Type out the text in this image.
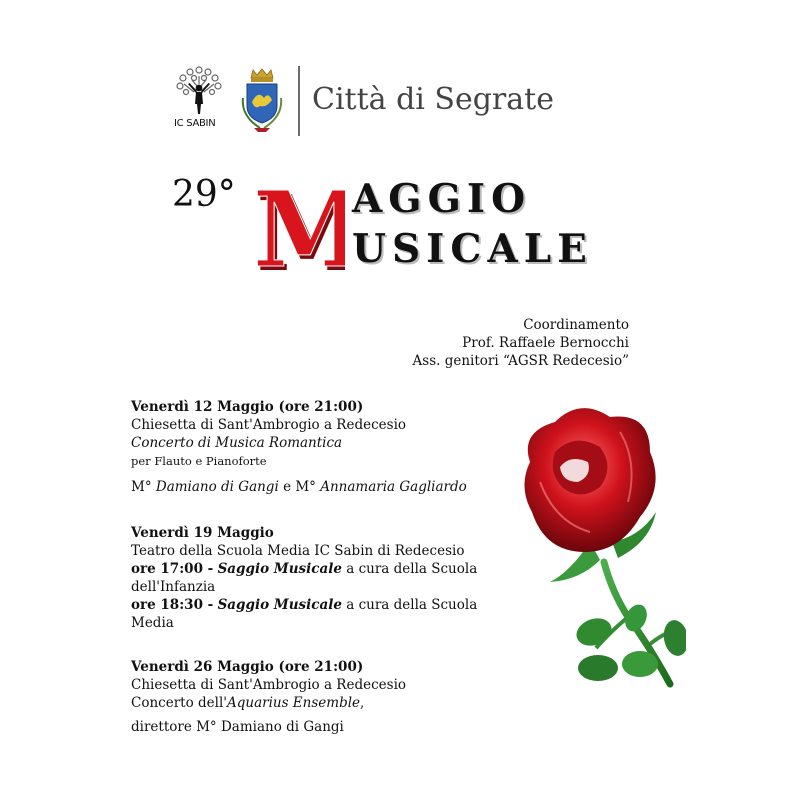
IC SABIN
Città di Segrate
29° M
M
AGGIO
USICALE
Coordinamento
Prof. Raffaele Bernocchi
Ass. genitori “AGSR Redecesio”
Venerdì 12 Maggio (ore 21:00)
Chiesetta di Sant'Ambrogio a Redecesio
Concerto di Musica Romantica
per Flauto e Pianoforte
M° Damiano di Gangi e M° Annamaria Gagliardo
Venerdì 19 Maggio
Teatro della Scuola Media IC Sabin di Redecesio
ore 17:00 - Saggio Musicale a cura della Scuola dell'Infanzia
ore 18:30 - Saggio Musicale a cura della Scuola Media
Venerdì 26 Maggio (ore 21:00)
Chiesetta di Sant'Ambrogio a Redecesio
Concerto dell'Aquarius Ensemble,
direttore M° Damiano di Gangi
